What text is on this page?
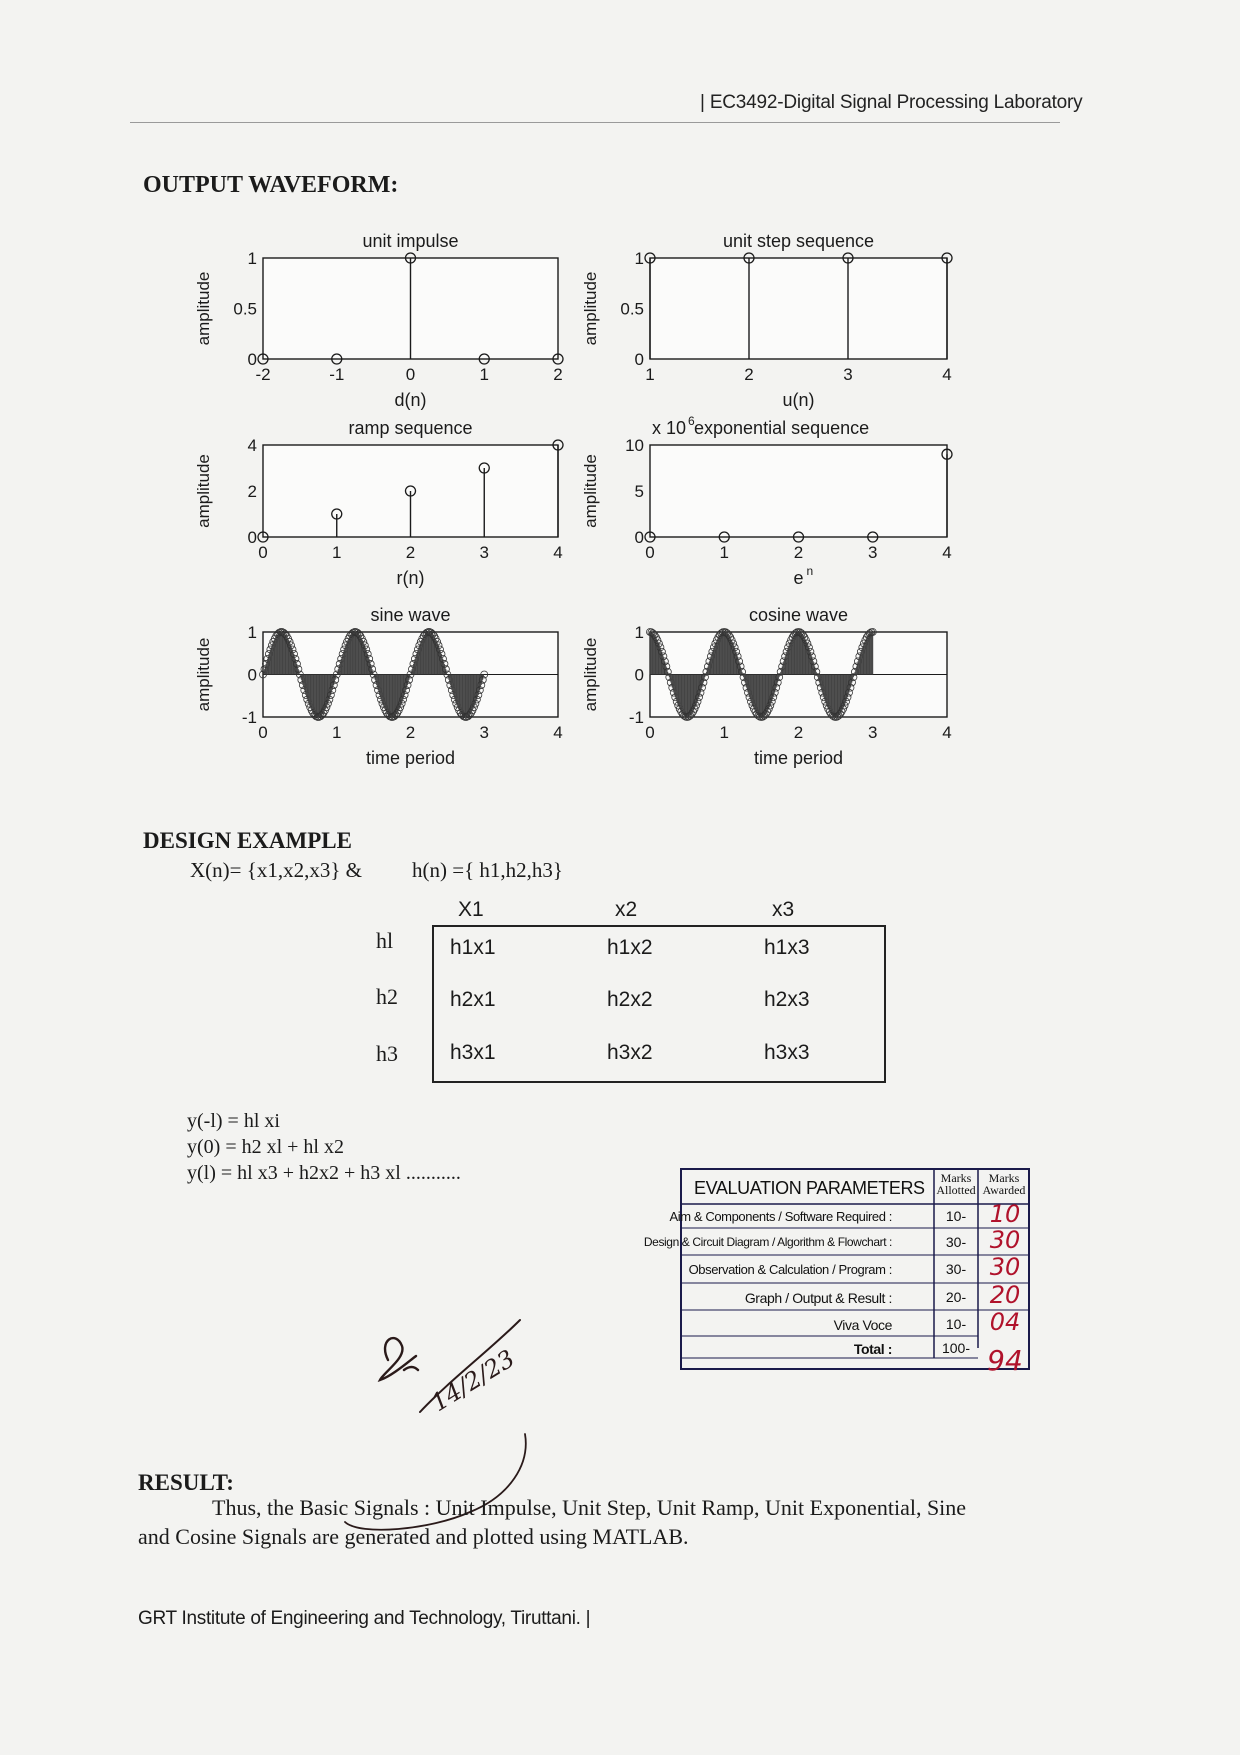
| EC3492-Digital Signal Processing Laboratory
OUTPUT WAVEFORM:
-2	-1	0	1	2
0
0.5
1
unit impulse
d(n)
amplitude
1	2	3	4
0
0.5
1
unit step sequence
u(n)
amplitude
0	1	2	3	4
0
2
4
ramp sequence
r(n)
amplitude
0	1	2	3	4
0
5
10
exponential sequence
x 10 6
e n
amplitude
0	1	2	3	4
-1
0
1
sine wave
time period
amplitude
0	1	2	3	4
-1
0
1
cosine wave
time period
amplitude
DESIGN EXAMPLE
X(n)= {x1,x2,x3} & h(n) ={ h1,h2,h3}
X1	x2	x3
hl
h2
h3
h1x1	h1x2	h1x3
h2x1	h2x2	h2x3
h3x1	h3x2	h3x3
y(-l) = hl xi
y(0) = h2 xl + hl x2
y(l) = hl x3 + h2x2 + h3 xl ...........
EVALUATION PARAMETERS	Marks
Allotted
Marks
Awarded
Aim & Components / Software Required :	10- 10
Design & Circuit Diagram / Algorithm & Flowchart :	30- 30
Observation & Calculation / Program :	30- 30
Graph / Output & Result :	20- 20
Viva Voce	10- 04
Total :	100- 94
14/2/23
RESULT:
Thus, the Basic Signals : Unit Impulse, Unit Step, Unit Ramp, Unit Exponential, Sine
and Cosine Signals are generated and plotted using MATLAB.
GRT Institute of Engineering and Technology, Tiruttani. |
